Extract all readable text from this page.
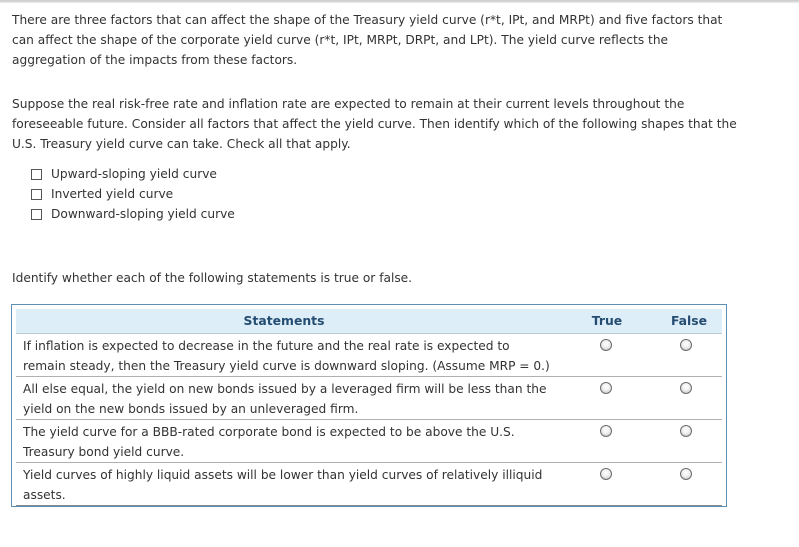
There are three factors that can affect the shape of the Treasury yield curve (r*t, IPt, and MRPt) and five factors that can affect the shape of the corporate yield curve (r*t, IPt, MRPt, DRPt, and LPt). The yield curve reflects the aggregation of the impacts from these factors.

Suppose the real risk-free rate and inflation rate are expected to remain at their current levels throughout the foreseeable future. Consider all factors that affect the yield curve. Then identify which of the following shapes that the U.S. Treasury yield curve can take. Check all that apply.

Upward-sloping yield curve
Inverted yield curve
Downward-sloping yield curve

Identify whether each of the following statements is true or false.

Statements	True	False
If inflation is expected to decrease in the future and the real rate is expected to remain steady, then the Treasury yield curve is downward sloping. (Assume MRP = 0.)
All else equal, the yield on new bonds issued by a leveraged firm will be less than the yield on the new bonds issued by an unleveraged firm.
The yield curve for a BBB-rated corporate bond is expected to be above the U.S. Treasury bond yield curve.
Yield curves of highly liquid assets will be lower than yield curves of relatively illiquid assets.
